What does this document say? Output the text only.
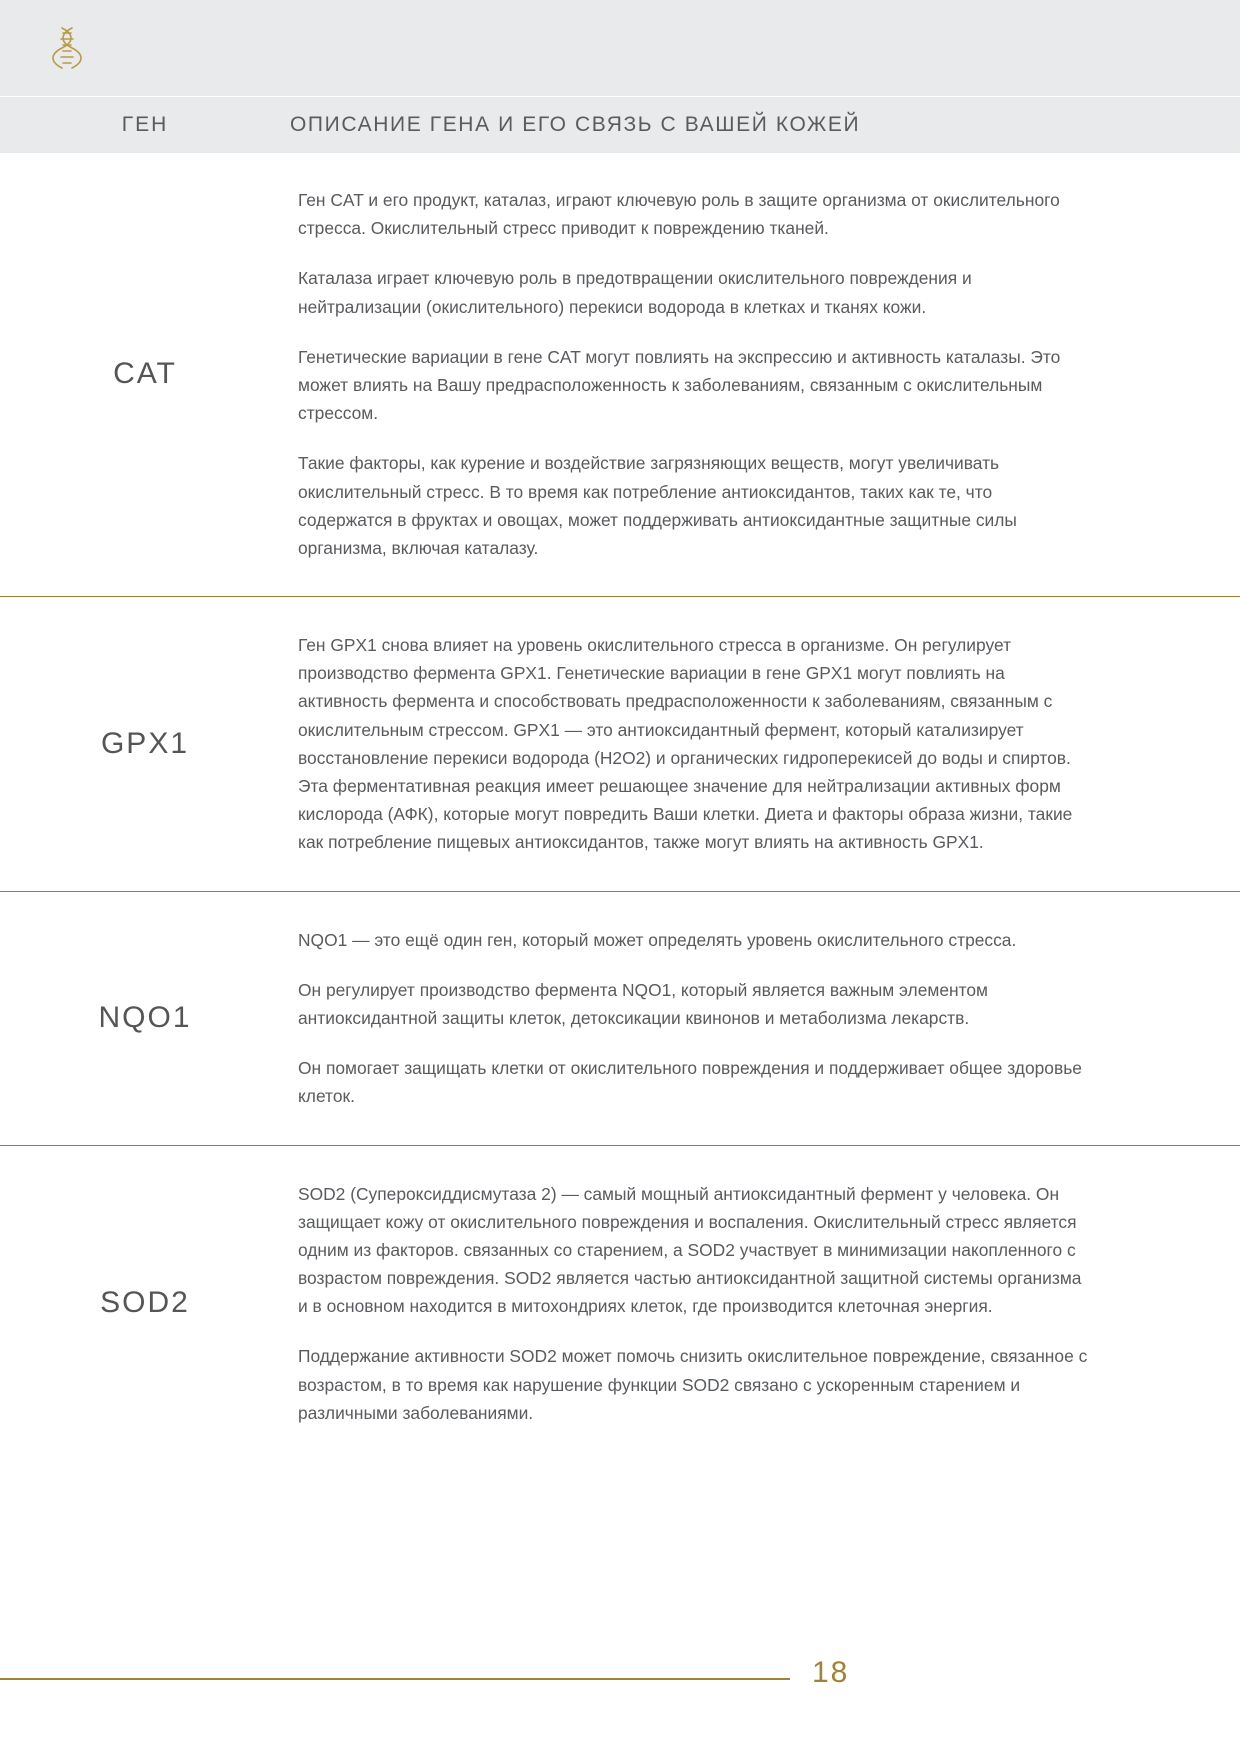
ГЕН	ОПИСАНИЕ ГЕНА И ЕГО СВЯЗЬ С ВАШЕЙ КОЖЕЙ
CAT

Ген CAT и его продукт, каталаз, играют ключевую роль в защите организма от окислительного стресса. Окислительный стресс приводит к повреждению тканей.

Каталаза играет ключевую роль в предотвращении окислительного повреждения и нейтрализации (окислительного) перекиси водорода в клетках и тканях кожи.

Генетические вариации в гене CAT могут повлиять на экспрессию и активность каталазы. Это может влиять на Вашу предрасположенность к заболеваниям, связанным с окислительным стрессом.

Такие факторы, как курение и воздействие загрязняющих веществ, могут увеличивать окислительный стресс. В то время как потребление антиоксидантов, таких как те, что содержатся в фруктах и овощах, может поддерживать антиоксидантные защитные силы организма, включая каталазу.

GPX1

Ген GPX1 снова влияет на уровень окислительного стресса в организме. Он регулирует производство фермента GPX1. Генетические вариации в гене GPX1 могут повлиять на активность фермента и способствовать предрасположенности к заболеваниям, связанным с окислительным стрессом. GPX1 — это антиоксидантный фермент, который катализирует восстановление перекиси водорода (H2O2) и органических гидроперекисей до воды и спиртов. Эта ферментативная реакция имеет решающее значение для нейтрализации активных форм кислорода (АФК), которые могут повредить Ваши клетки. Диета и факторы образа жизни, такие как потребление пищевых антиоксидантов, также могут влиять на активность GPX1.

NQO1

NQO1 — это ещё один ген, который может определять уровень окислительного стресса.

Он регулирует производство фермента NQO1, который является важным элементом антиоксидантной защиты клеток, детоксикации квинонов и метаболизма лекарств.

Он помогает защищать клетки от окислительного повреждения и поддерживает общее здоровье клеток.

SOD2

SOD2 (Супероксиддисмутаза 2) — самый мощный антиоксидантный фермент у человека. Он защищает кожу от окислительного повреждения и воспаления. Окислительный стресс является одним из факторов. связанных со старением, а SOD2 участвует в минимизации накопленного с возрастом повреждения. SOD2 является частью антиоксидантной защитной системы организма и в основном находится в митохондриях клеток, где производится клеточная энергия.

Поддержание активности SOD2 может помочь снизить окислительное повреждение, связанное с возрастом, в то время как нарушение функции SOD2 связано с ускоренным старением и различными заболеваниями.

18
